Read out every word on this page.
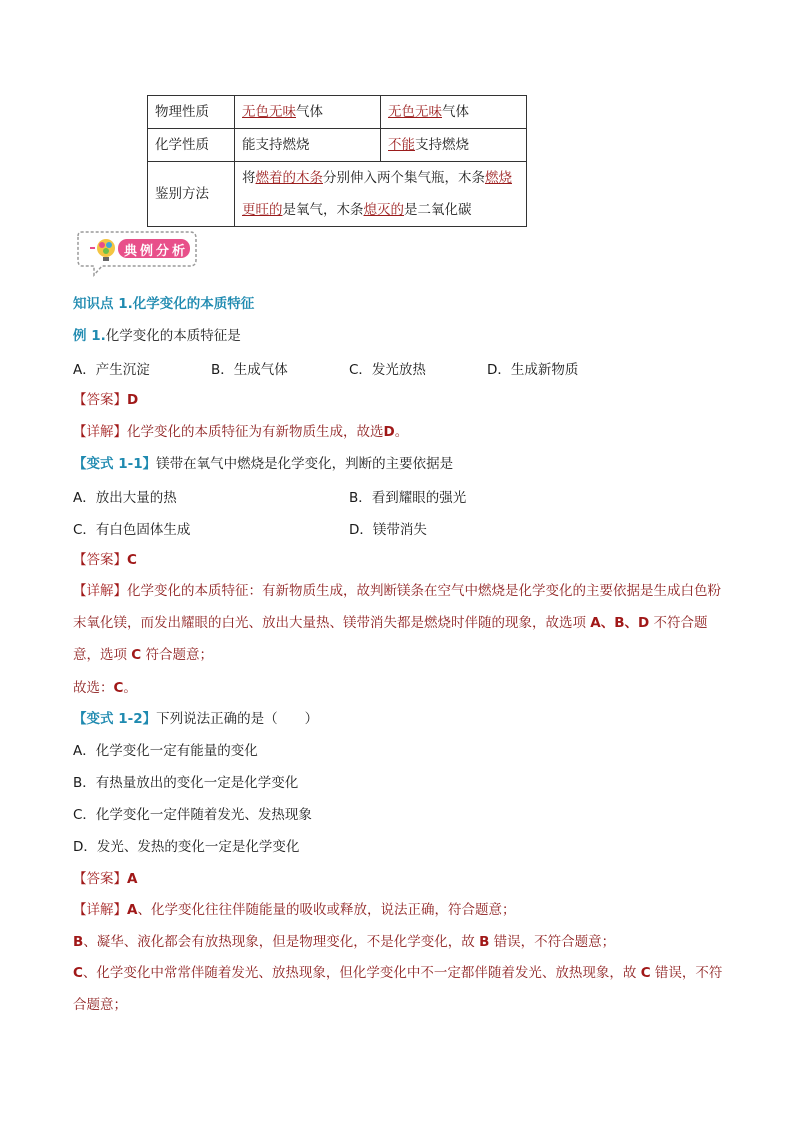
物理性质	无色无味气体	无色无味气体
化学性质	能支持燃烧	不能支持燃烧
鉴别方法	将燃着的木条分别伸入两个集气瓶，木条燃烧
更旺的是氧气，木条熄灭的是二氧化碳	
典例分析
知识点 1.化学变化的本质特征
例 1.化学变化的本质特征是
A．产生沉淀	B．生成气体	C．发光放热	D．生成新物质
【答案】D
【详解】化学变化的本质特征为有新物质生成，故选D。
【变式 1-1】镁带在氧气中燃烧是化学变化，判断的主要依据是
A．放出大量的热	B．看到耀眼的强光
C．有白色固体生成	D．镁带消失
【答案】C
【详解】化学变化的本质特征：有新物质生成，故判断镁条在空气中燃烧是化学变化的主要依据是生成白色粉末氧化镁，而发出耀眼的白光、放出大量热、镁带消失都是燃烧时伴随的现象，故选项 A、B、D 不符合题意，选项 C 符合题意；
故选：C。
【变式 1-2】下列说法正确的是（　　）
A．化学变化一定有能量的变化
B．有热量放出的变化一定是化学变化
C．化学变化一定伴随着发光、发热现象
D．发光、发热的变化一定是化学变化
【答案】A
【详解】A、化学变化往往伴随能量的吸收或释放，说法正确，符合题意；
B、凝华、液化都会有放热现象，但是物理变化，不是化学变化，故 B 错误，不符合题意；
C、化学变化中常常伴随着发光、放热现象，但化学变化中不一定都伴随着发光、放热现象，故 C 错误，不符合题意；
